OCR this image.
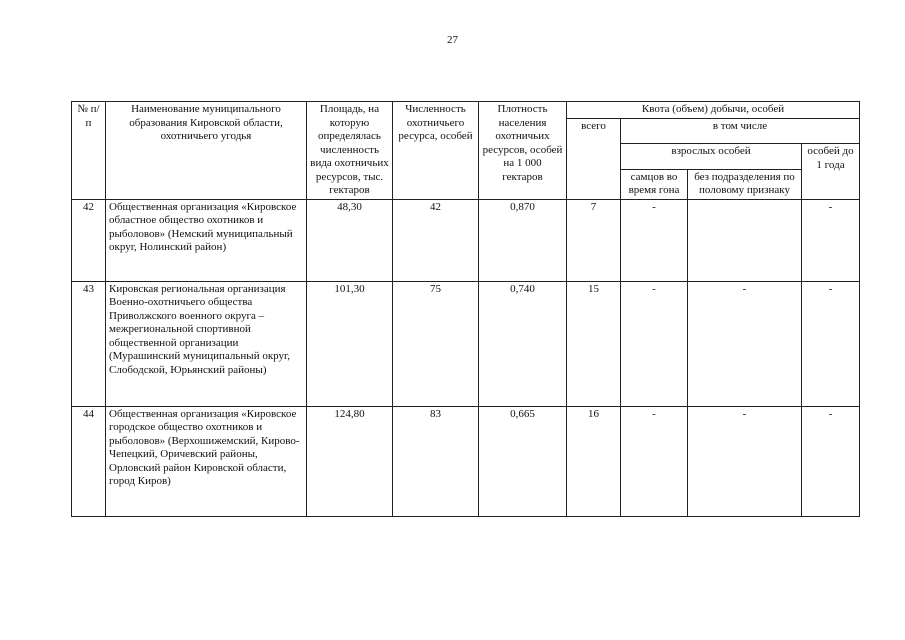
27
№ п/п	Наименование муниципального образования Кировской области, охотничьего угодья	Площадь, на которую определялась численность вида охотничьих ресурсов, тыс. гектаров	Численность охотничьего ресурса, особей	Плотность населения охотничьих ресурсов, особей на 1 000 гектаров	Квота (объем) добычи, особей			
					всего	в том числе		
						взрослых особей		особей до 1 года
						самцов во время гона	без подразделения по половому признаку	
42	Общественная организация «Кировское областное общество охотников и рыболовов» (Немский муниципальный округ, Нолинский район)	48,30	42	0,870	7	-		-
43	Кировская региональная организация Военно-охотничьего общества Приволжского военного округа – межрегиональной спортивной общественной организации (Мурашинский муниципальный округ, Слободской, Юрьянский районы)	101,30	75	0,740	15	-	-	-
44	Общественная организация «Кировское городское общество охотников и рыболовов» (Верхошижемский, Кирово-Чепецкий, Оричевский районы, Орловский район Кировской области, город Киров)	124,80	83	0,665	16	-	-	-
